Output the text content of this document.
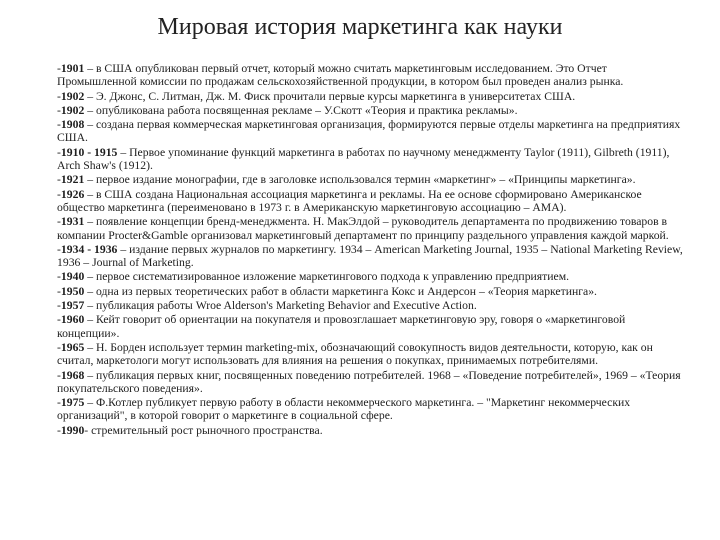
Мировая история маркетинга как науки
-1901 – в США опубликован первый отчет, который можно считать маркетинговым исследованием. Это Отчет Промышленной комиссии по продажам сельскохозяйственной продукции, в котором был проведен анализ рынка.
-1902 – Э. Джонс, С. Литман, Дж. М. Фиск прочитали первые курсы маркетинга в университетах США.
-1902 – опубликована работа посвященная рекламе – У.Скотт «Теория и практика рекламы».
-1908 – создана первая коммерческая маркетинговая организация, формируются первые отделы маркетинга на предприятиях США.
-1910 - 1915 – Первое упоминание функций маркетинга в работах по научному менеджменту Taylor (1911), Gilbreth (1911), Arch Shaw's (1912).
-1921 – первое издание монографии, где в заголовке использовался термин «маркетинг» – «Принципы маркетинга».
-1926 – в США создана Национальная ассоциация маркетинга и рекламы. На ее основе сформировано Американское общество маркетинга (переименовано в 1973 г. в Американскую маркетинговую ассоциацию – AMA).
-1931 – появление концепции бренд-менеджмента. Н. МакЭлдой – руководитель департамента по продвижению товаров в компании Procter&Gamble организовал маркетинговый департамент по принципу раздельного управления каждой маркой.
-1934 - 1936 – издание первых журналов по маркетингу. 1934 – American Marketing Journal, 1935 – National Marketing Review, 1936 – Journal of Marketing.
-1940 – первое систематизированное изложение маркетингового подхода к управлению предприятием.
-1950 – одна из первых теоретических работ в области маркетинга Кокс и Андерсон – «Теория маркетинга».
-1957 – публикация работы Wroe Alderson's Marketing Behavior and Executive Action.
-1960 – Кейт говорит об ориентации на покупателя и провозглашает маркетинговую эру, говоря о «маркетинговой концепции».
-1965 – Н. Борден использует термин marketing-mix, обозначающий совокупность видов деятельности, которую, как он считал, маркетологи могут использовать для влияния на решения о покупках, принимаемых потребителями.
-1968 – публикация первых книг, посвященных поведению потребителей. 1968 – «Поведение потребителей», 1969 – «Теория покупательского поведения».
-1975 – Ф.Котлер публикует первую работу в области некоммерческого маркетинга. – "Маркетинг некоммерческих организаций", в которой говорит о маркетинге в социальной сфере.
-1990- стремительный рост рыночного пространства.
